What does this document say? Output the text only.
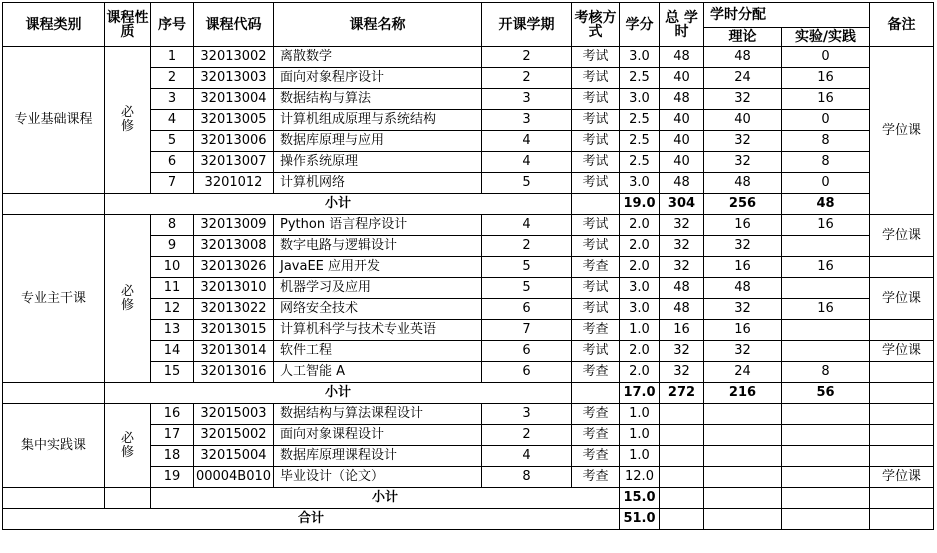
课程类别	课程性质	序号	课程代码	课程名称	开课学期	考核方式	学分	总 学时	学时分配		备注
									理论	实验/实践	
专业基础课程	必修	1	32013002	离散数学	2	考试	3.0	48	48	0	学位课
		2	32013003	面向对象程序设计	2	考试	2.5	40	24	16	
		3	32013004	数据结构与算法	3	考试	3.0	48	32	16	
		4	32013005	计算机组成原理与系统结构	3	考试	2.5	40	40	0	
		5	32013006	数据库原理与应用	4	考试	2.5	40	32	8	
		6	32013007	操作系统原理	4	考试	2.5	40	32	8	
		7	3201012	计算机网络	5	考试	3.0	48	48	0	
	小计						19.0	304	256	48	
专业主干课	必修	8	32013009	Python 语言程序设计	4	考试	2.0	32	16	16	学位课
		9	32013008	数字电路与逻辑设计	2	考试	2.0	32	32		
		10	32013026	JavaEE 应用开发	5	考查	2.0	32	16	16	
		11	32013010	机器学习及应用	5	考试	3.0	48	48		学位课
		12	32013022	网络安全技术	6	考试	3.0	48	32	16	
		13	32013015	计算机科学与技术专业英语	7	考查	1.0	16	16		
		14	32013014	软件工程	6	考试	2.0	32	32		学位课
		15	32013016	人工智能 A	6	考查	2.0	32	24	8	
	小计						17.0	272	216	56	
集中实践课	必修	16	32015003	数据结构与算法课程设计	3	考查	1.0				
		17	32015002	面向对象课程设计	2	考查	1.0				
		18	32015004	数据库原理课程设计	4	考查	1.0				
		19	00004B010	毕业设计（论文）	8	考查	12.0				学位课
		小计					15.0				
合计							51.0				
